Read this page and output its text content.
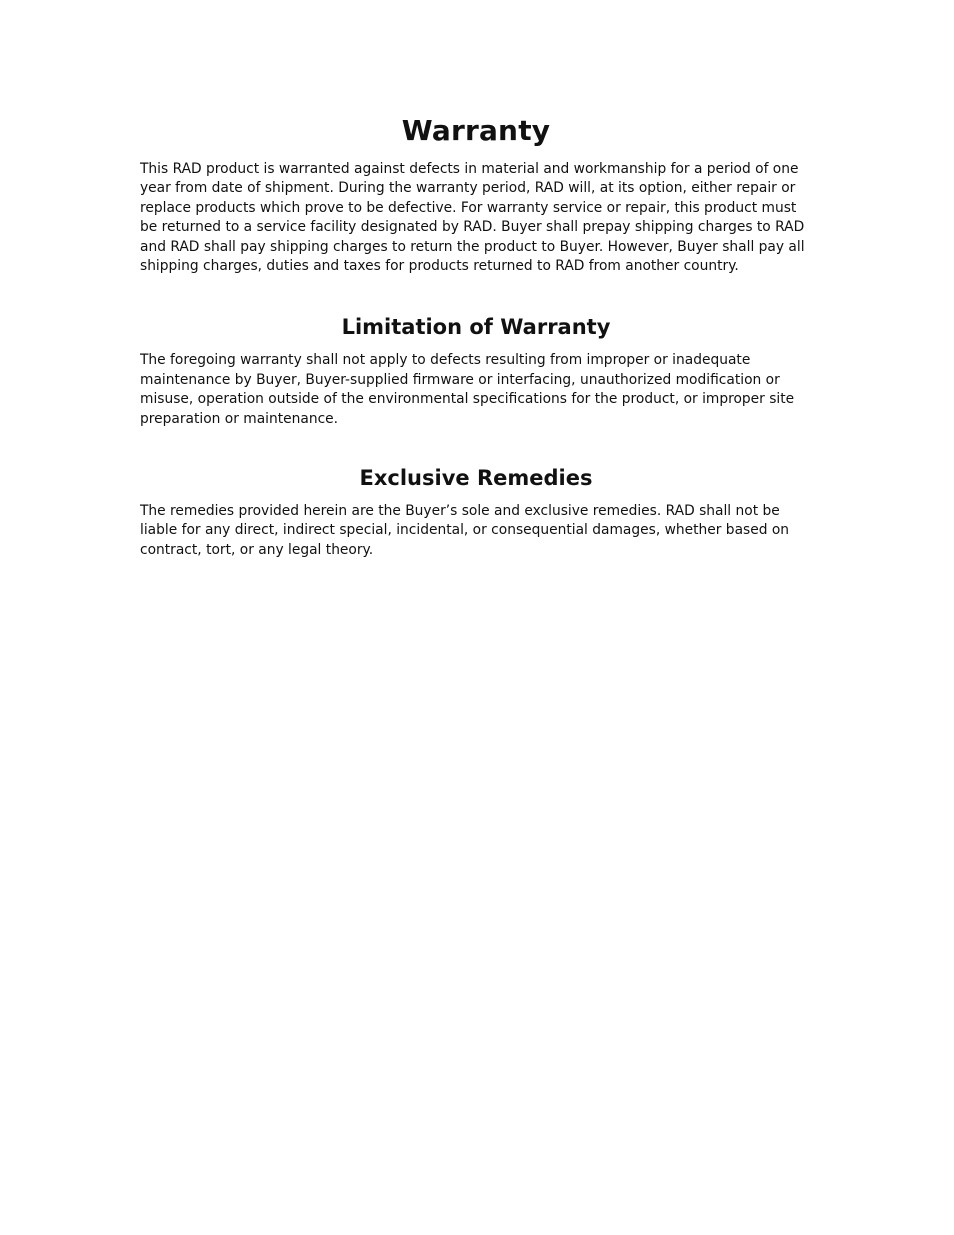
Warranty

This RAD product is warranted against defects in material and workmanship for a period of one year from date of shipment. During the warranty period, RAD will, at its option, either repair or replace products which prove to be defective. For warranty service or repair, this product must be returned to a service facility designated by RAD. Buyer shall prepay shipping charges to RAD and RAD shall pay shipping charges to return the product to Buyer. However, Buyer shall pay all shipping charges, duties and taxes for products returned to RAD from another country.

Limitation of Warranty

The foregoing warranty shall not apply to defects resulting from improper or inadequate maintenance by Buyer, Buyer-supplied firmware or interfacing, unauthorized modification or misuse, operation outside of the environmental specifications for the product, or improper site preparation or maintenance.

Exclusive Remedies

The remedies provided herein are the Buyer’s sole and exclusive remedies. RAD shall not be liable for any direct, indirect special, incidental, or consequential damages, whether based on contract, tort, or any legal theory.
